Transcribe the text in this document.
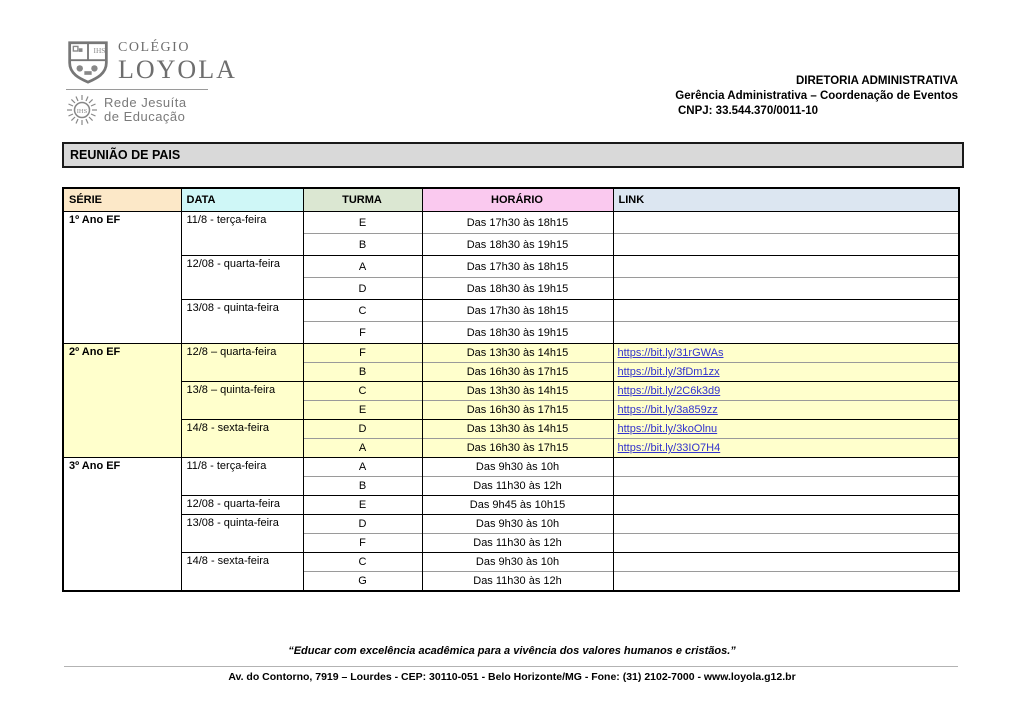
IHS COLÉGIO
LOYOLA
IHS
Rede Jesuíta
de Educação
DIRETORIA ADMINISTRATIVA
Gerência Administrativa – Coordenação de Eventos
CNPJ: 33.544.370/0011-10
REUNIÃO DE PAIS
SÉRIE	DATA	TURMA	HORÁRIO	LINK
1º Ano EF	11/8 - terça-feira	E	Das 17h30 às 18h15	
		B	Das 18h30 às 19h15	
	12/08 - quarta-feira	A	Das 17h30 às 18h15	
		D	Das 18h30 às 19h15	
	13/08 - quinta-feira	C	Das 17h30 às 18h15	
		F	Das 18h30 às 19h15	
2º Ano EF	12/8 – quarta-feira	F	Das 13h30 às 14h15	https://bit.ly/31rGWAs
		B	Das 16h30 às 17h15	https://bit.ly/3fDm1zx
	13/8 – quinta-feira	C	Das 13h30 às 14h15	https://bit.ly/2C6k3d9
		E	Das 16h30 às 17h15	https://bit.ly/3a859zz
	14/8 - sexta-feira	D	Das 13h30 às 14h15	https://bit.ly/3koOlnu
		A	Das 16h30 às 17h15	https://bit.ly/33IO7H4
3º Ano EF	11/8 - terça-feira	A	Das 9h30 às 10h	
		B	Das 11h30 às 12h	
	12/08 - quarta-feira	E	Das 9h45 às 10h15	
	13/08 - quinta-feira	D	Das 9h30 às 10h	
		F	Das 11h30 às 12h	
	14/8 - sexta-feira	C	Das 9h30 às 10h	
		G	Das 11h30 às 12h	
“Educar com excelência acadêmica para a vivência dos valores humanos e cristãos.”
Av. do Contorno, 7919 – Lourdes - CEP: 30110-051 - Belo Horizonte/MG - Fone: (31) 2102-7000 - www.loyola.g12.br
